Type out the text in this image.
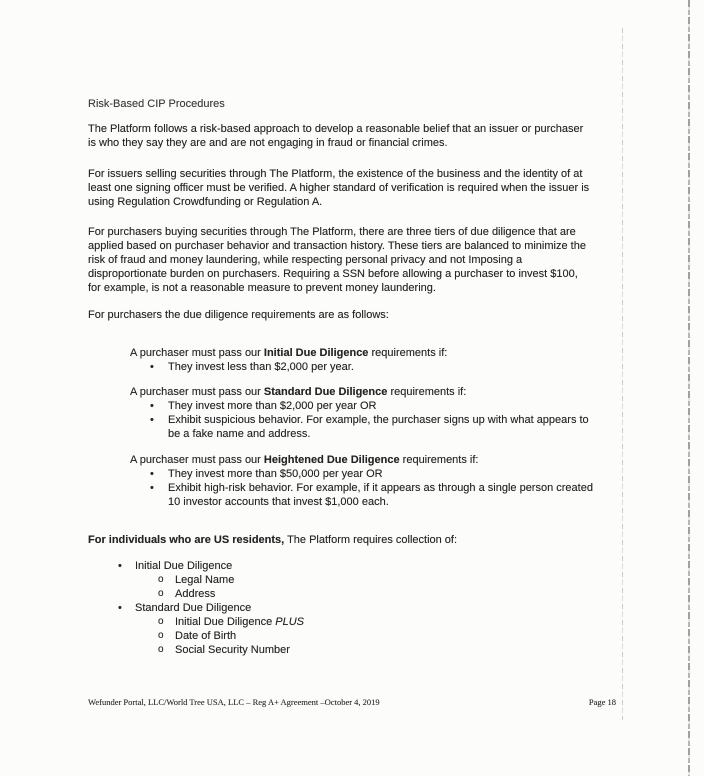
Risk-Based CIP Procedures

The Platform follows a risk-based approach to develop a reasonable belief that an issuer or purchaser is who they say they are and are not engaging in fraud or financial crimes.

For issuers selling securities through The Platform, the existence of the business and the identity of at least one signing officer must be verified. A higher standard of verification is required when the issuer is using Regulation Crowdfunding or Regulation A.

For purchasers buying securities through The Platform, there are three tiers of due diligence that are applied based on purchaser behavior and transaction history. These tiers are balanced to minimize the risk of fraud and money laundering, while respecting personal privacy and not Imposing a disproportionate burden on purchasers. Requiring a SSN before allowing a purchaser to invest $100, for example, is not a reasonable measure to prevent money laundering.

For purchasers the due diligence requirements are as follows:

A purchaser must pass our Initial Due Diligence requirements if:
• They invest less than $2,000 per year.
A purchaser must pass our Standard Due Diligence requirements if:
• They invest more than $2,000 per year OR
• Exhibit suspicious behavior. For example, the purchaser signs up with what appears to be a fake name and address.
A purchaser must pass our Heightened Due Diligence requirements if:
• They invest more than $50,000 per year OR
• Exhibit high-risk behavior. For example, if it appears as through a single person created 10 investor accounts that invest $1,000 each.

For individuals who are US residents, The Platform requires collection of:

• Initial Due Diligence
o Legal Name
o Address
• Standard Due Diligence
o Initial Due Diligence PLUS
o Date of Birth
o Social Security Number
Wefunder Portal, LLC/World Tree USA, LLC – Reg A+ Agreement –October 4, 2019	Page 18
